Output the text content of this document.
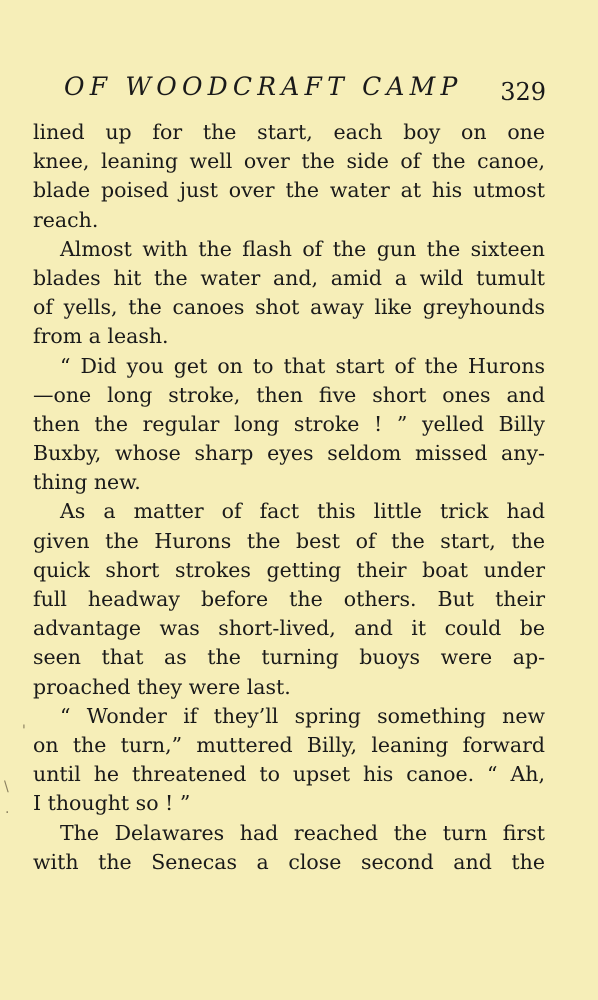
OF WOODCRAFT CAMP 329
lined up for the start, each boy on one
knee, leaning well over the side of the canoe,
blade poised just over the water at his utmost
reach.
Almost with the flash of the gun the sixteen
blades hit the water and, amid a wild tumult
of yells, the canoes shot away like greyhounds
from a leash.
“ Did you get on to that start of the Hurons
—one long stroke, then five short ones and
then the regular long stroke ! ” yelled Billy
Buxby, whose sharp eyes seldom missed any-
thing new.
As a matter of fact this little trick had
given the Hurons the best of the start, the
quick short strokes getting their boat under
full headway before the others. But their
advantage was short-lived, and it could be
seen that as the turning buoys were ap-
proached they were last.
“ Wonder if they’ll spring something new
on the turn,” muttered Billy, leaning forward
until he threatened to upset his canoe. “ Ah,
I thought so ! ”
The Delawares had reached the turn first
with the Senecas a close second and the
'
\
·
